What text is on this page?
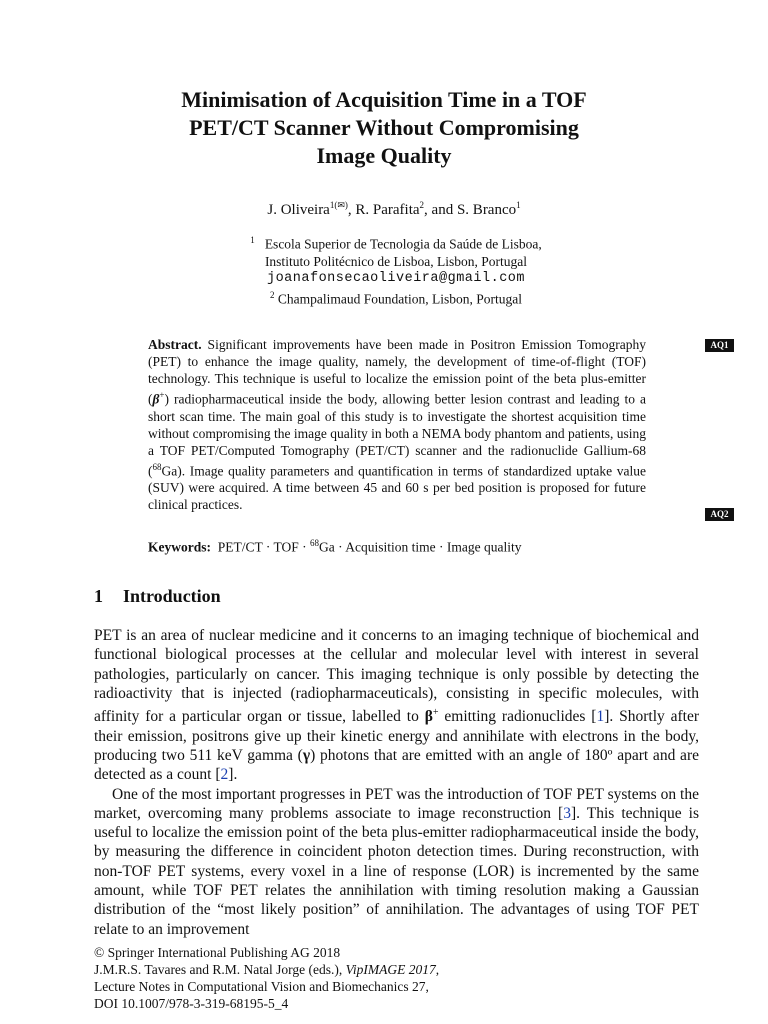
Minimisation of Acquisition Time in a TOF
PET/CT Scanner Without Compromising
Image Quality
J. Oliveira$^{1(✉)}$, R. Parafita$^2$, and S. Branco$^1$
$^1$ Escola Superior de Tecnologia da Saúde de Lisboa,
Instituto Politécnico de Lisboa, Lisbon, Portugal
joanafonsecaoliveira@gmail.com
$^2$ Champalimaud Foundation, Lisbon, Portugal
Abstract. Significant improvements have been made in Positron Emission Tomography (PET) to enhance the image quality, namely, the development of time-of-flight (TOF) technology. This technique is useful to localize the emission point of the beta plus-emitter (β+) radiopharmaceutical inside the body, allowing better lesion contrast and leading to a short scan time. The main goal of this study is to investigate the shortest acquisition time without compromising the image quality in both a NEMA body phantom and patients, using a TOF PET/Computed Tomography (PET/CT) scanner and the radionuclide Gallium-68 ($^{68}$Ga). Image quality parameters and quantification in terms of standardized uptake value (SUV) were acquired. A time between 45 and 60 s per bed position is proposed for future clinical practices.
AQ1
AQ2
Keywords: PET/CT · TOF · $^{68}$Ga · Acquisition time · Image quality
1 Introduction

PET is an area of nuclear medicine and it concerns to an imaging technique of biochemical and functional biological processes at the cellular and molecular level with interest in several pathologies, particularly on cancer. This imaging technique is only possible by detecting the radioactivity that is injected (radiopharmaceuticals), consisting in specific molecules, with affinity for a particular organ or tissue, labelled to β+ emitting radionuclides [1]. Shortly after their emission, positrons give up their kinetic energy and annihilate with electrons in the body, producing two 511 keV gamma (γ) photons that are emitted with an angle of 180º apart and are detected as a count [2].

One of the most important progresses in PET was the introduction of TOF PET systems on the market, overcoming many problems associate to image reconstruction [3]. This technique is useful to localize the emission point of the beta plus-emitter radiopharmaceutical inside the body, by measuring the difference in coincident photon detection times. During reconstruction, with non-TOF PET systems, every voxel in a line of response (LOR) is incremented by the same amount, while TOF PET relates the annihilation with timing resolution making a Gaussian distribution of the “most likely position” of annihilation. The advantages of using TOF PET relate to an improvement

© Springer International Publishing AG 2018
J.M.R.S. Tavares and R.M. Natal Jorge (eds.), VipIMAGE 2017,
Lecture Notes in Computational Vision and Biomechanics 27,
DOI 10.1007/978-3-319-68195-5_4
